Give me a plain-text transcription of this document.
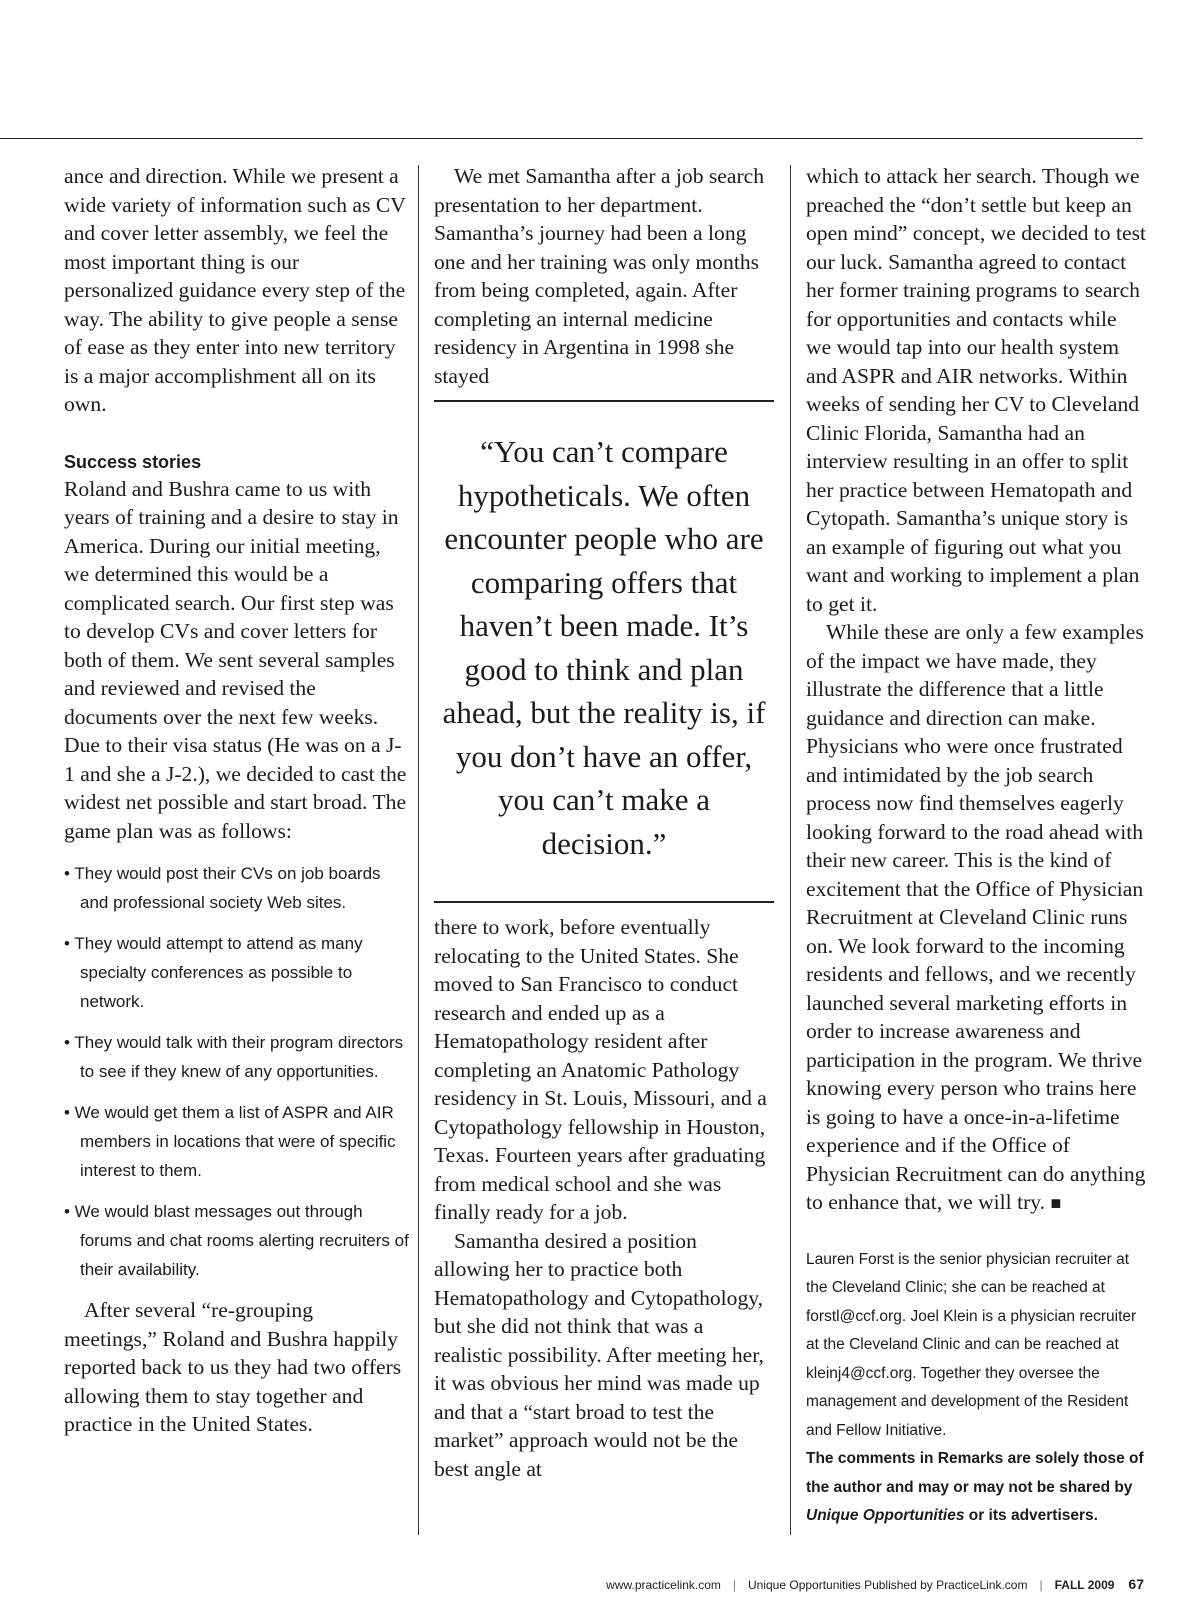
ance and direction. While we present a wide variety of information such as CV and cover letter assembly, we feel the most important thing is our personalized guidance every step of the way. The ability to give people a sense of ease as they enter into new territory is a major accomplishment all on its own.

Success stories

Roland and Bushra came to us with years of training and a desire to stay in America. During our initial meeting, we determined this would be a complicated search. Our first step was to develop CVs and cover letters for both of them. We sent several samples and reviewed and revised the documents over the next few weeks. Due to their visa status (He was on a J-1 and she a J-2.), we decided to cast the widest net possible and start broad. The game plan was as follows:

• They would post their CVs on job boards and professional society Web sites.
• They would attempt to attend as many specialty conferences as possible to network.
• They would talk with their program directors to see if they knew of any opportunities.
• We would get them a list of ASPR and AIR members in locations that were of specific interest to them.
• We would blast messages out through forums and chat rooms alerting recruiters of their availability.

After several “re-grouping meetings,” Roland and Bushra happily reported back to us they had two offers allowing them to stay together and practice in the United States.

We met Samantha after a job search presentation to her department. Samantha’s journey had been a long one and her training was only months from being completed, again. After completing an internal medicine residency in Argentina in 1998 she stayed

“You can’t compare hypotheticals. We often encounter people who are comparing offers that haven’t been made. It’s good to think and plan ahead, but the reality is, if you don’t have an offer, you can’t make a decision.”

there to work, before eventually relocating to the United States. She moved to San Francisco to conduct research and ended up as a Hematopathology resident after completing an Anatomic Pathology residency in St. Louis, Missouri, and a Cytopathology fellowship in Houston, Texas. Fourteen years after graduating from medical school and she was finally ready for a job.

Samantha desired a position allowing her to practice both Hematopathology and Cytopathology, but she did not think that was a realistic possibility. After meeting her, it was obvious her mind was made up and that a “start broad to test the market” approach would not be the best angle at

which to attack her search. Though we preached the “don’t settle but keep an open mind” concept, we decided to test our luck. Samantha agreed to contact her former training programs to search for opportunities and contacts while we would tap into our health system and ASPR and AIR networks. Within weeks of sending her CV to Cleveland Clinic Florida, Samantha had an interview resulting in an offer to split her practice between Hematopath and Cytopath. Samantha’s unique story is an example of figuring out what you want and working to implement a plan to get it.

While these are only a few examples of the impact we have made, they illustrate the difference that a little guidance and direction can make. Physicians who were once frustrated and intimidated by the job search process now find themselves eagerly looking forward to the road ahead with their new career. This is the kind of excitement that the Office of Physician Recruitment at Cleveland Clinic runs on. We look forward to the incoming residents and fellows, and we recently launched several marketing efforts in order to increase awareness and participation in the program. We thrive knowing every person who trains here is going to have a once-in-a-lifetime experience and if the Office of Physician Recruitment can do anything to enhance that, we will try. ■

Lauren Forst is the senior physician recruiter at the Cleveland Clinic; she can be reached at forstl@ccf.org. Joel Klein is a physician recruiter at the Cleveland Clinic and can be reached at kleinj4@ccf.org. Together they oversee the management and development of the Resident and Fellow Initiative.

The comments in Remarks are solely those of the author and may or may not be shared by Unique Opportunities or its advertisers.

www.practicelink.com | Unique Opportunities Published by PracticeLink.com | FALL 2009 67
